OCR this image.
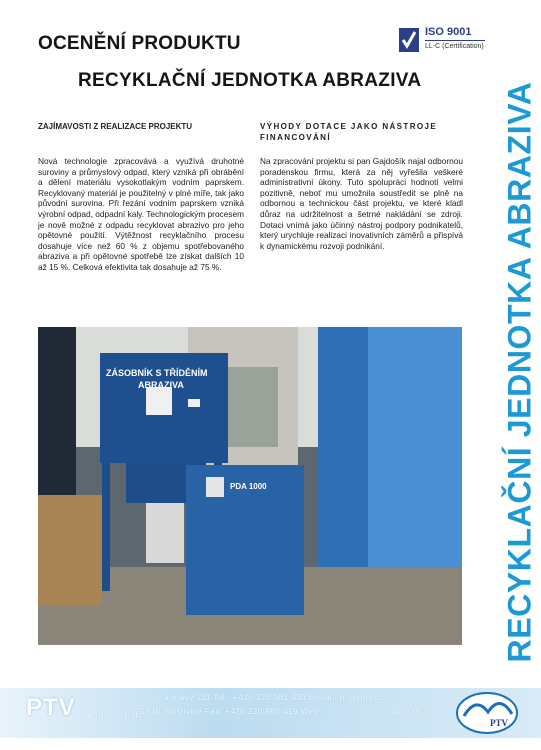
OCENĚNÍ PRODUKTU
RECYKLAČNÍ JEDNOTKA ABRAZIVA
ISO 9001
LL-C (Certification)
RECYKLAČNÍ JEDNOTKA ABRAZIVA
ZAJÍMAVOSTI Z REALIZACE PROJEKTU	VÝHODY DOTACE JAKO NÁSTROJE FINANCOVÁNÍ
Nová technologie zpracovává a využívá druhotné suroviny a průmyslový odpad, který vzniká při obrábění a dělení materiálu vysokotlakým vodním paprskem. Recyklovaný materiál je použitelný v plné míře, tak jako původní surovina. Při řezání vodním paprskem vzniká výrobní odpad, odpadní kaly. Technologickým procesem je nově možné z odpadu recyklovat abrazivo pro jeho opětovné použití. Výtěžnost recyklačního procesu dosahuje více než 60 % z objemu spotřebovaného abraziva a při opětovné spotřebě lze získat dalších 10 až 15 %. Celková efektivita tak dosahuje až 75 %.
Na zpracování projektu si pan Gajdošík najal odbornou poradenskou firmu, která za něj vyřešila veškeré administrativní úkony. Tuto spolupráci hodnotí velmi pozitivně, neboť mu umožnila soustředit se plně na odbornou a technickou část projektu, ve které kladl důraz na udržitelnost a šetrné nakládání se zdroji. Dotaci vnímá jako účinný nástroj podpory podnikatelů, který urychluje realizaci inovativních záměrů a přispívá k dynamickému rozvoji podnikání.
ZÁSOBNÍK S TŘÍDĚNÍM
ABRAZIVA
PDA 1000
PTV spol. s r.o.
Čs. armády 211 Tel.: +420 220 981 430 E-mail: ptv@ptv.cz
253 01 Hostivice Fax: +420 220 980 419 Web:	www.ptv.cz
PTV
